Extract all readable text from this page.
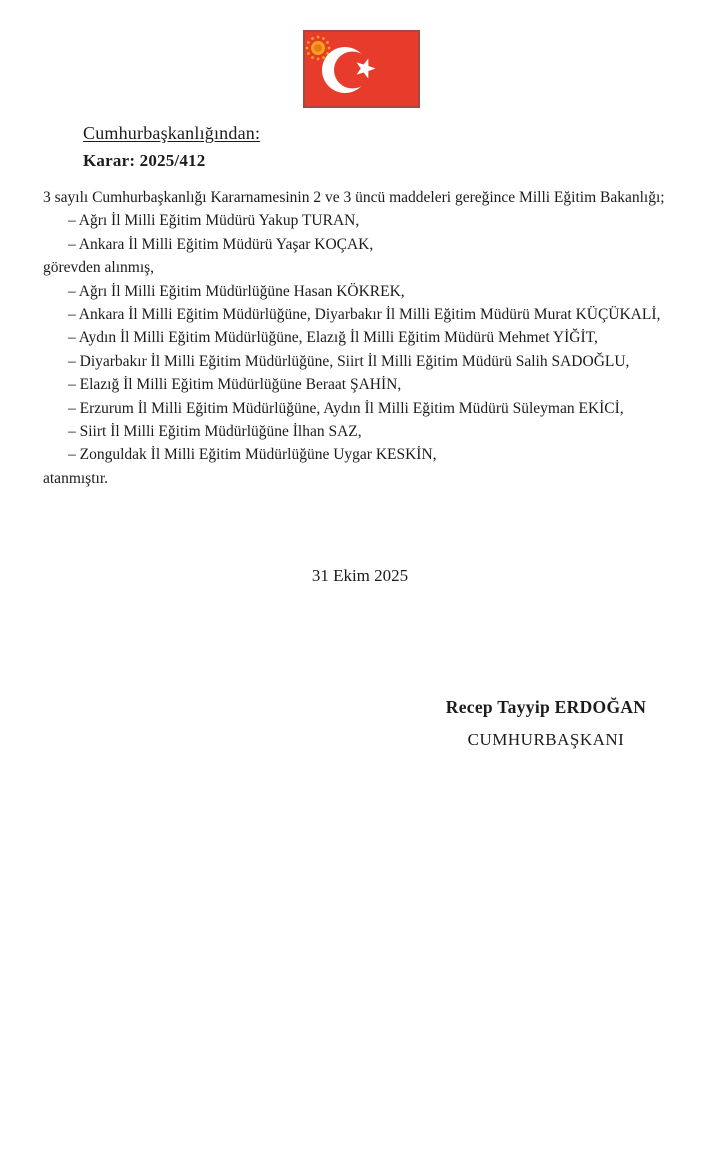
Cumhurbaşkanlığından:
Karar: 2025/412
3 sayılı Cumhurbaşkanlığı Kararnamesinin 2 ve 3 üncü maddeleri gereğince Milli Eğitim Bakanlığı;
– Ağrı İl Milli Eğitim Müdürü Yakup TURAN,
– Ankara İl Milli Eğitim Müdürü Yaşar KOÇAK,
görevden alınmış,
– Ağrı İl Milli Eğitim Müdürlüğüne Hasan KÖKREK,
– Ankara İl Milli Eğitim Müdürlüğüne, Diyarbakır İl Milli Eğitim Müdürü Murat KÜÇÜKALİ,
– Aydın İl Milli Eğitim Müdürlüğüne, Elazığ İl Milli Eğitim Müdürü Mehmet YİĞİT,
– Diyarbakır İl Milli Eğitim Müdürlüğüne, Siirt İl Milli Eğitim Müdürü Salih SADOĞLU,
– Elazığ İl Milli Eğitim Müdürlüğüne Beraat ŞAHİN,
– Erzurum İl Milli Eğitim Müdürlüğüne, Aydın İl Milli Eğitim Müdürü Süleyman EKİCİ,
– Siirt İl Milli Eğitim Müdürlüğüne İlhan SAZ,
– Zonguldak İl Milli Eğitim Müdürlüğüne Uygar KESKİN,
atanmıştır.
31 Ekim 2025
Recep Tayyip ERDOĞAN
CUMHURBAŞKANI
